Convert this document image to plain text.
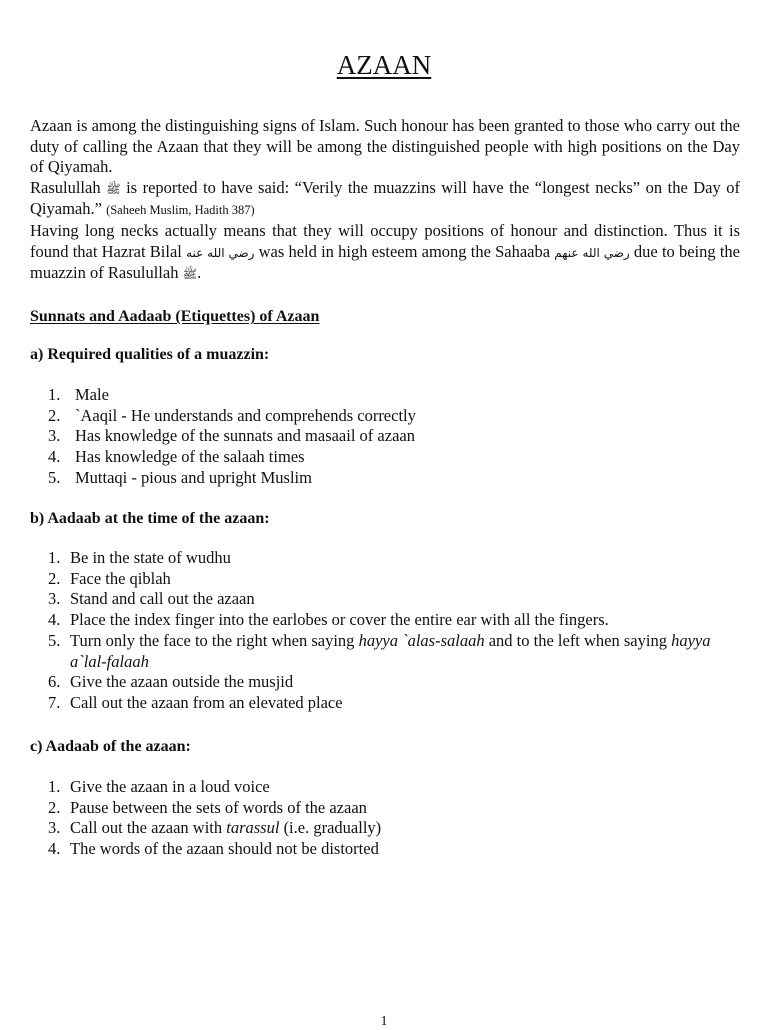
AZAAN

Azaan is among the distinguishing signs of Islam. Such honour has been granted to those who carry out the duty of calling the Azaan that they will be among the distinguished people with high positions on the Day of Qiyamah.

Rasulullah ﷺ is reported to have said: “Verily the muazzins will have the “longest necks” on the Day of Qiyamah.” (Saheeh Muslim, Hadith 387)

Having long necks actually means that they will occupy positions of honour and distinction. Thus it is found that Hazrat Bilal رضي الله عنه was held in high esteem among the Sahaaba رضي الله عنهم due to being the muazzin of Rasulullah ﷺ.

Sunnats and Aadaab (Etiquettes) of Azaan
a) Required qualities of a muazzin:
1. Male
2. `Aaqil - He understands and comprehends correctly
3. Has knowledge of the sunnats and masaail of azaan
4. Has knowledge of the salaah times
5. Muttaqi - pious and upright Muslim
b) Aadaab at the time of the azaan:
1. Be in the state of wudhu
2. Face the qiblah
3. Stand and call out the azaan
4. Place the index finger into the earlobes or cover the entire ear with all the fingers.
5. Turn only the face to the right when saying hayya `alas-salaah and to the left when saying hayya a`lal-falaah
6. Give the azaan outside the musjid
7. Call out the azaan from an elevated place
c) Aadaab of the azaan:
1. Give the azaan in a loud voice
2. Pause between the sets of words of the azaan
3. Call out the azaan with tarassul (i.e. gradually)
4. The words of the azaan should not be distorted
1
